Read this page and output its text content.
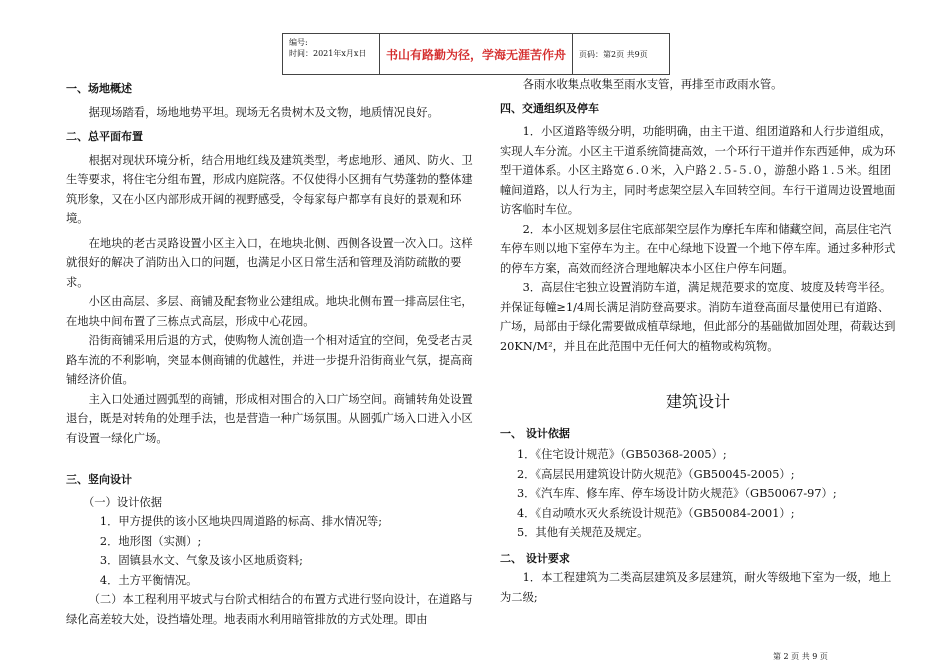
编号:
时间：2021年x月x日	书山有路勤为径，学海无涯苦作舟	页码：第2页 共9页

一、场地概述

据现场踏看，场地地势平坦。现场无名贵树木及文物，地质情况良好。

二、总平面布置

根据对现状环境分析，结合用地红线及建筑类型，考虑地形、通风、防火、卫生等要求，将住宅分组布置，形成内庭院落。不仅使得小区拥有气势蓬勃的整体建筑形象，又在小区内部形成开阔的视野感受，令每家每户都享有良好的景观和环境。

在地块的老古灵路设置小区主入口，在地块北侧、西侧各设置一次入口。这样就很好的解决了消防出入口的问题，也满足小区日常生活和管理及消防疏散的要求。

小区由高层、多层、商铺及配套物业公建组成。地块北侧布置一排高层住宅，在地块中间布置了三栋点式高层，形成中心花园。

沿街商铺采用后退的方式，使购物人流创造一个相对适宜的空间，免受老古灵路车流的不利影响，突显本侧商铺的优越性，并进一步提升沿街商业气氛，提高商铺经济价值。

主入口处通过圆弧型的商铺，形成相对围合的入口广场空间。商铺转角处设置退台，既是对转角的处理手法，也是营造一种广场氛围。从圆弧广场入口进入小区有设置一绿化广场。

三、竖向设计

（一）设计依据

1．甲方提供的该小区地块四周道路的标高、排水情况等;

2．地形图（实测）;

3．固镇县水文、气象及该小区地质资料;

4．土方平衡情况。

（二）本工程利用平坡式与台阶式相结合的布置方式进行竖向设计，在道路与绿化高差较大处，设挡墙处理。地表雨水利用暗管排放的方式处理。即由

各雨水收集点收集至雨水支管，再排至市政雨水管。

四、交通组织及停车

1．小区道路等级分明，功能明确，由主干道、组团道路和人行步道组成，实现人车分流。小区主干道系统简捷高效，一个环行干道并作东西延伸，成为环型干道体系。小区主路宽６.０米，入户路２.５-５.０，游憩小路１.５米。组团幢间道路，以人行为主，同时考虑架空层入车回转空间。车行干道周边设置地面访客临时车位。

2．本小区规划多层住宅底部架空层作为摩托车库和储藏空间，高层住宅汽车停车则以地下室停车为主。在中心绿地下设置一个地下停车库。通过多种形式的停车方案，高效而经济合理地解决本小区住户停车问题。

3．高层住宅独立设置消防车道，满足规范要求的宽度、坡度及转弯半径。并保证每幢≥1/4周长满足消防登高要求。消防车道登高面尽量使用已有道路、广场，局部由于绿化需要做成植草绿地，但此部分的基础做加固处理，荷载达到20KN/M²，并且在此范围中无任何大的植物或构筑物。

建筑设计

一、 设计依据

1．《住宅设计规范》（GB50368-2005）;

2．《高层民用建筑设计防火规范》（GB50045-2005）;

3．《汽车库、修车库、停车场设计防火规范》（GB50067-97）;

4．《自动喷水灭火系统设计规范》（GB50084-2001）;

5．其他有关规范及规定。

二、 设计要求

1．本工程建筑为二类高层建筑及多层建筑，耐火等级地下室为一级，地上为二级;

第 2 页 共 9 页
